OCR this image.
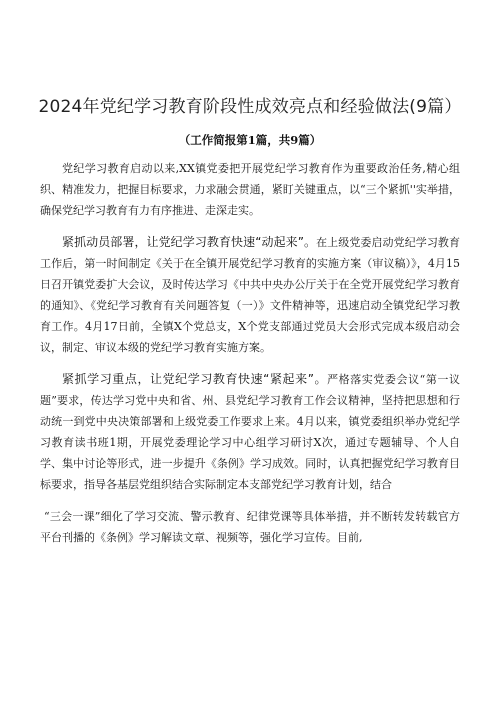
2024年党纪学习教育阶段性成效亮点和经验做法(9篇）
（工作简报第1篇，共9篇）

党纪学习教育启动以来,XX镇党委把开展党纪学习教育作为重要政治任务,精心组织、精准发力，把握目标要求，力求融会贯通，紧盯关键重点，以“三个紧抓''实举措，确保党纪学习教育有力有序推进、走深走实。

紧抓动员部署，让党纪学习教育快速“动起来”。在上级党委启动党纪学习教育工作后，第一时间制定《关于在全镇开展党纪学习教育的实施方案（审议稿）》，4月15日召开镇党委扩大会议，及时传达学习《中共中央办公厅关于在全党开展党纪学习教育的通知》、《党纪学习教育有关问题答复（一）》文件精神等，迅速启动全镇党纪学习教育工作。4月17日前，全镇X个党总支，X个党支部通过党员大会形式完成本级启动会议，制定、审议本级的党纪学习教育实施方案。

紧抓学习重点，让党纪学习教育快速“紧起来”。严格落实党委会议“第一议题”要求，传达学习党中央和省、州、县党纪学习教育工作会议精神，坚持把思想和行动统一到党中央决策部署和上级党委工作要求上来。4月以来，镇党委组织举办党纪学习教育读书班1期，开展党委理论学习中心组学习研讨X次，通过专题辅导、个人自学、集中讨论等形式，进一步提升《条例》学习成效。同时，认真把握党纪学习教育目标要求，指导各基层党组织结合实际制定本支部党纪学习教育计划，结合

“三会一课”细化了学习交流、警示教育、纪律党课等具体举措，并不断转发转载官方平台刊播的《条例》学习解读文章、视频等，强化学习宣传。目前,
